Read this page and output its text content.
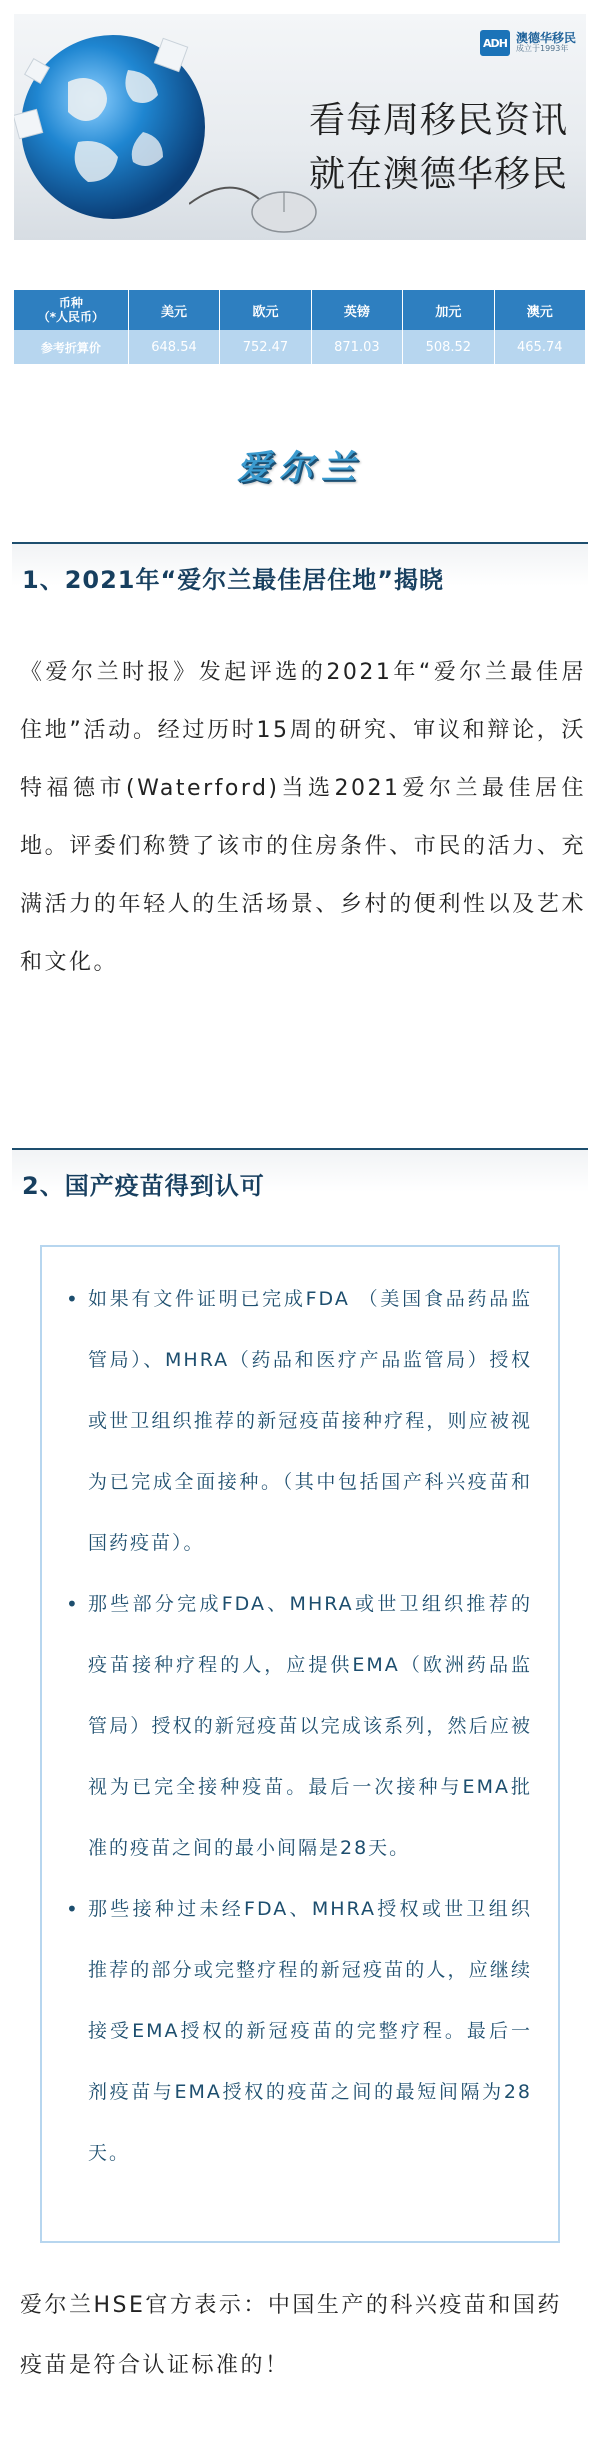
ADH 澳德华移民
成立于1993年
看每周移民资讯
就在澳德华移民
币种
（*人民币）	美元	欧元	英镑	加元	澳元
参考折算价	648.54	752.47	871.03	508.52	465.74
爱尔兰
1、2021年“爱尔兰最佳居住地”揭晓

《爱尔兰时报》发起评选的2021年“爱尔兰最佳居住地”活动。经过历时15周的研究、审议和辩论，沃特福德市(Waterford)当选2021爱尔兰最佳居住地。评委们称赞了该市的住房条件、市民的活力、充满活力的年轻人的生活场景、乡村的便利性以及艺术和文化。

2、国产疫苗得到认可
• 如果有文件证明已完成FDA （美国食品药品监管局）、MHRA（药品和医疗产品监管局）授权或世卫组织推荐的新冠疫苗接种疗程，则应被视为已完成全面接种。（其中包括国产科兴疫苗和国药疫苗）。
• 那些部分完成FDA、MHRA或世卫组织推荐的疫苗接种疗程的人，应提供EMA（欧洲药品监管局）授权的新冠疫苗以完成该系列，然后应被视为已完全接种疫苗。最后一次接种与EMA批准的疫苗之间的最小间隔是28天。
• 那些接种过未经FDA、MHRA授权或世卫组织推荐的部分或完整疗程的新冠疫苗的人，应继续接受EMA授权的新冠疫苗的完整疗程。最后一剂疫苗与EMA授权的疫苗之间的最短间隔为28天。

爱尔兰HSE官方表示：中国生产的科兴疫苗和国药疫苗是符合认证标准的！
